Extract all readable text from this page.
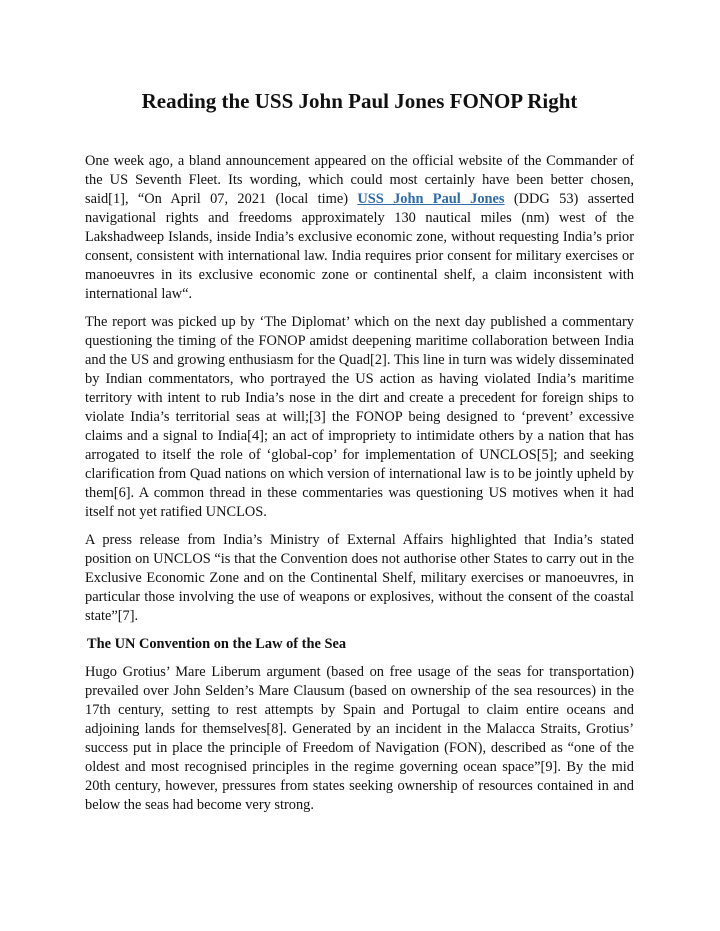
Reading the USS John Paul Jones FONOP Right

One week ago, a bland announcement appeared on the official website of the Commander of the US Seventh Fleet. Its wording, which could most certainly have been better chosen, said[1], “On April 07, 2021 (local time) USS John Paul Jones (DDG 53) asserted navigational rights and freedoms approximately 130 nautical miles (nm) west of the Lakshadweep Islands, inside India’s exclusive economic zone, without requesting India’s prior consent, consistent with international law. India requires prior consent for military exercises or manoeuvres in its exclusive economic zone or continental shelf, a claim inconsistent with international law“.

The report was picked up by ‘The Diplomat’ which on the next day published a commentary questioning the timing of the FONOP amidst deepening maritime collaboration between India and the US and growing enthusiasm for the Quad[2]. This line in turn was widely disseminated by Indian commentators, who portrayed the US action as having violated India’s maritime territory with intent to rub India’s nose in the dirt and create a precedent for foreign ships to violate India’s territorial seas at will;[3] the FONOP being designed to ‘prevent’ excessive claims and a signal to India[4]; an act of impropriety to intimidate others by a nation that has arrogated to itself the role of ‘global-cop’ for implementation of UNCLOS[5]; and seeking clarification from Quad nations on which version of international law is to be jointly upheld by them[6]. A common thread in these commentaries was questioning US motives when it had itself not yet ratified UNCLOS.

A press release from India’s Ministry of External Affairs highlighted that India’s stated position on UNCLOS “is that the Convention does not authorise other States to carry out in the Exclusive Economic Zone and on the Continental Shelf, military exercises or manoeuvres, in particular those involving the use of weapons or explosives, without the consent of the coastal state”[7].

The UN Convention on the Law of the Sea

Hugo Grotius’ Mare Liberum argument (based on free usage of the seas for transportation) prevailed over John Selden’s Mare Clausum (based on ownership of the sea resources) in the 17th century, setting to rest attempts by Spain and Portugal to claim entire oceans and adjoining lands for themselves[8]. Generated by an incident in the Malacca Straits, Grotius’ success put in place the principle of Freedom of Navigation (FON), described as “one of the oldest and most recognised principles in the regime governing ocean space”[9]. By the mid 20th century, however, pressures from states seeking ownership of resources contained in and below the seas had become very strong.
